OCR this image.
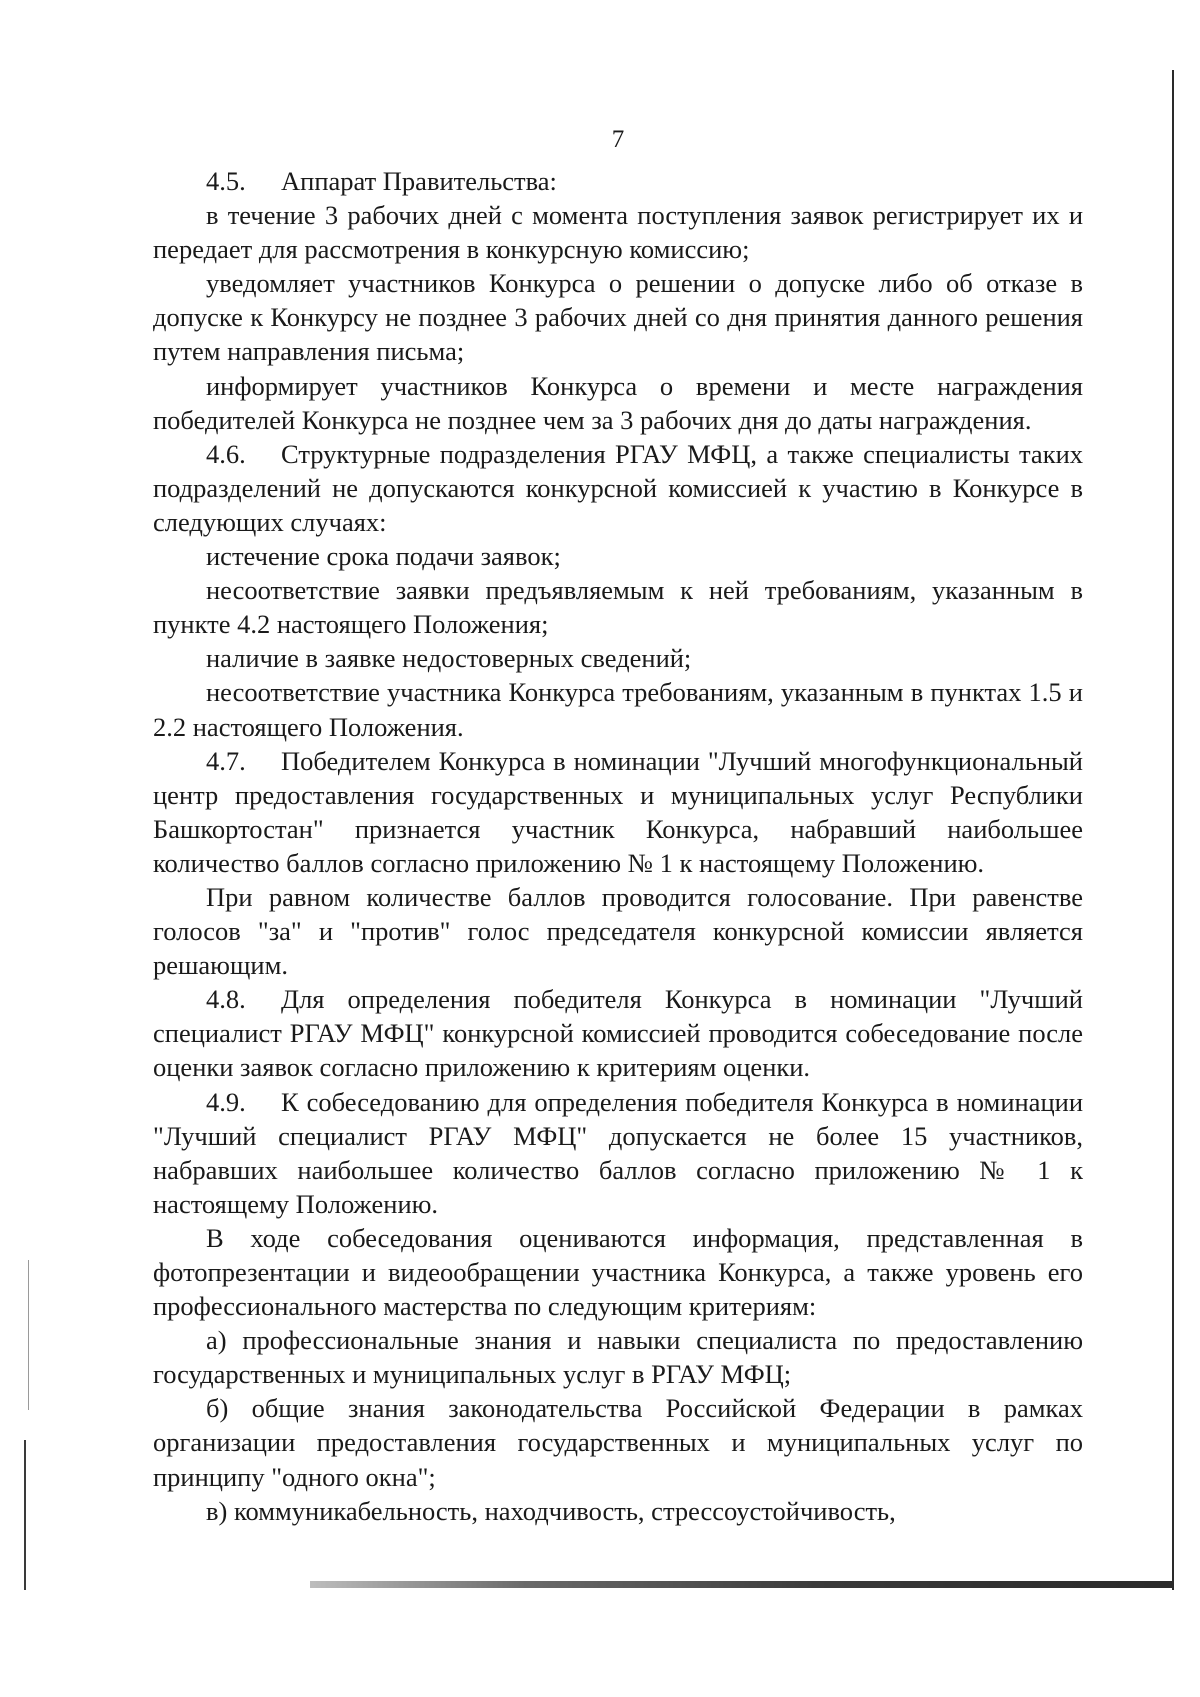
7

4.5. Аппарат Правительства:

в течение 3 рабочих дней с момента поступления заявок регистрирует их и передает для рассмотрения в конкурсную комиссию;

уведомляет участников Конкурса о решении о допуске либо об отказе в допуске к Конкурсу не позднее 3 рабочих дней со дня принятия данного решения путем направления письма;

информирует участников Конкурса о времени и месте награждения победителей Конкурса не позднее чем за 3 рабочих дня до даты награждения.

4.6. Структурные подразделения РГАУ МФЦ, а также специалисты таких подразделений не допускаются конкурсной комиссией к участию в Конкурсе в следующих случаях:

истечение срока подачи заявок;

несоответствие заявки предъявляемым к ней требованиям, указанным в пункте 4.2 настоящего Положения;

наличие в заявке недостоверных сведений;

несоответствие участника Конкурса требованиям, указанным в пунктах 1.5 и 2.2 настоящего Положения.

4.7. Победителем Конкурса в номинации "Лучший многофункциональный центр предоставления государственных и муниципальных услуг Республики Башкортостан" признается участник Конкурса, набравший наибольшее количество баллов согласно приложению № 1 к настоящему Положению.

При равном количестве баллов проводится голосование. При равенстве голосов "за" и "против" голос председателя конкурсной комиссии является решающим.

4.8. Для определения победителя Конкурса в номинации "Лучший специалист РГАУ МФЦ" конкурсной комиссией проводится собеседование после оценки заявок согласно приложению к критериям оценки.

4.9. К собеседованию для определения победителя Конкурса в номинации "Лучший специалист РГАУ МФЦ" допускается не более 15 участников, набравших наибольшее количество баллов согласно приложению № 1 к настоящему Положению.

В ходе собеседования оцениваются информация, представленная в фотопрезентации и видеообращении участника Конкурса, а также уровень его профессионального мастерства по следующим критериям:

а) профессиональные знания и навыки специалиста по предоставлению государственных и муниципальных услуг в РГАУ МФЦ;

б) общие знания законодательства Российской Федерации в рамках организации предоставления государственных и муниципальных услуг по принципу "одного окна";

в) коммуникабельность, находчивость, стрессоустойчивость,
